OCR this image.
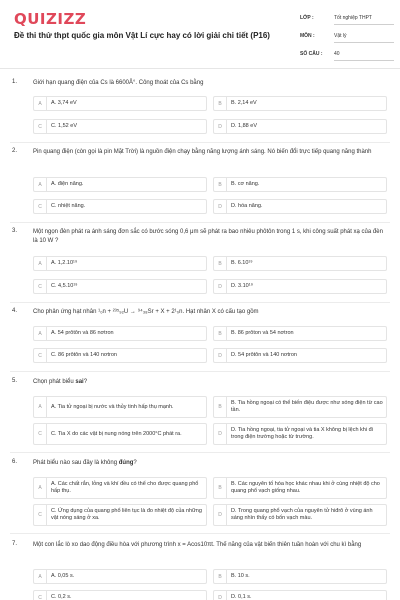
QUIZIZZ
Đề thi thử thpt quốc gia môn Vật Lí cực hay có lời giải chi tiết (P16)
LỚP :	Tốt nghiệp THPT
MÔN :	Vật lý
SỐ CÂU : 40
1.	Giới hạn quang điện của Cs là 6600Å°. Công thoát của Cs bằng
A	A. 3,74 eV	B	B. 2,14 eV
C	C. 1,52 eV	D	D. 1,88 eV
2.	Pin quang điện (còn gọi là pin Mặt Trời) là nguồn điện chạy bằng năng lượng ánh sáng. Nó biến đổi trực tiếp quang năng thành
A	A. điện năng.	B	B. cơ năng.
C	C. nhiệt năng.	D	D. hóa năng.
3.	Một ngọn đèn phát ra ánh sáng đơn sắc có bước sóng 0,6 μm sẽ phát ra bao nhiêu phôtôn trong 1 s, khi công suất phát xạ của đèn là 10 W ?
A	A. 1,2.10¹⁹	B	B. 6.10¹⁹
C	C. 4,5.10¹⁹	D	D. 3.10¹⁹
4.	Cho phản ứng hạt nhân ¹₀n + ²³⁵₉₂U → ⁹⁴₃₈Sr + X + 2¹₀n. Hạt nhân X có cấu tạo gồm
A	A. 54 prôtôn và 86 nơtron	B	B. 86 prôton và 54 nơtron
C	C. 86 prôtôn và 140 nơtron	D	D. 54 prôtôn và 140 nơtron
5.	Chọn phát biểu sai?
A	A. Tia tử ngoại bị nước và thủy tinh hấp thụ mạnh.	B
B. Tia hồng ngoại có thể biến điệu được như sóng điện từ cao tần.
C	C. Tia X do các vật bị nung nóng trên 2000°C phát ra.	D
D. Tia hồng ngoại, tia tử ngoại và tia X không bị lệch khi đi trong điện trường hoặc từ trường.
6.	Phát biểu nào sau đây là không đúng?
A
A. Các chất rắn, lỏng và khí đều có thể cho được quang phổ hấp thụ.	B
B. Các nguyên tố hóa học khác nhau khi ở cùng nhiệt độ cho quang phổ vạch giống nhau.
C
C. Ứng dụng của quang phổ liên tục là đo nhiệt độ của những vật nóng sáng ở xa.	D
D. Trong quang phổ vạch của nguyên tử hiđrô ở vùng ánh sáng nhìn thấy có bốn vạch màu.
7.	Một con lắc lò xo dao động điều hòa với phương trình x = Acos10πt. Thế năng của vật biến thiên tuần hoàn với chu kì bằng
A	A. 0,05 s.	B	B. 10 s.
C	C. 0,2 s.	D	D. 0,1 s.
